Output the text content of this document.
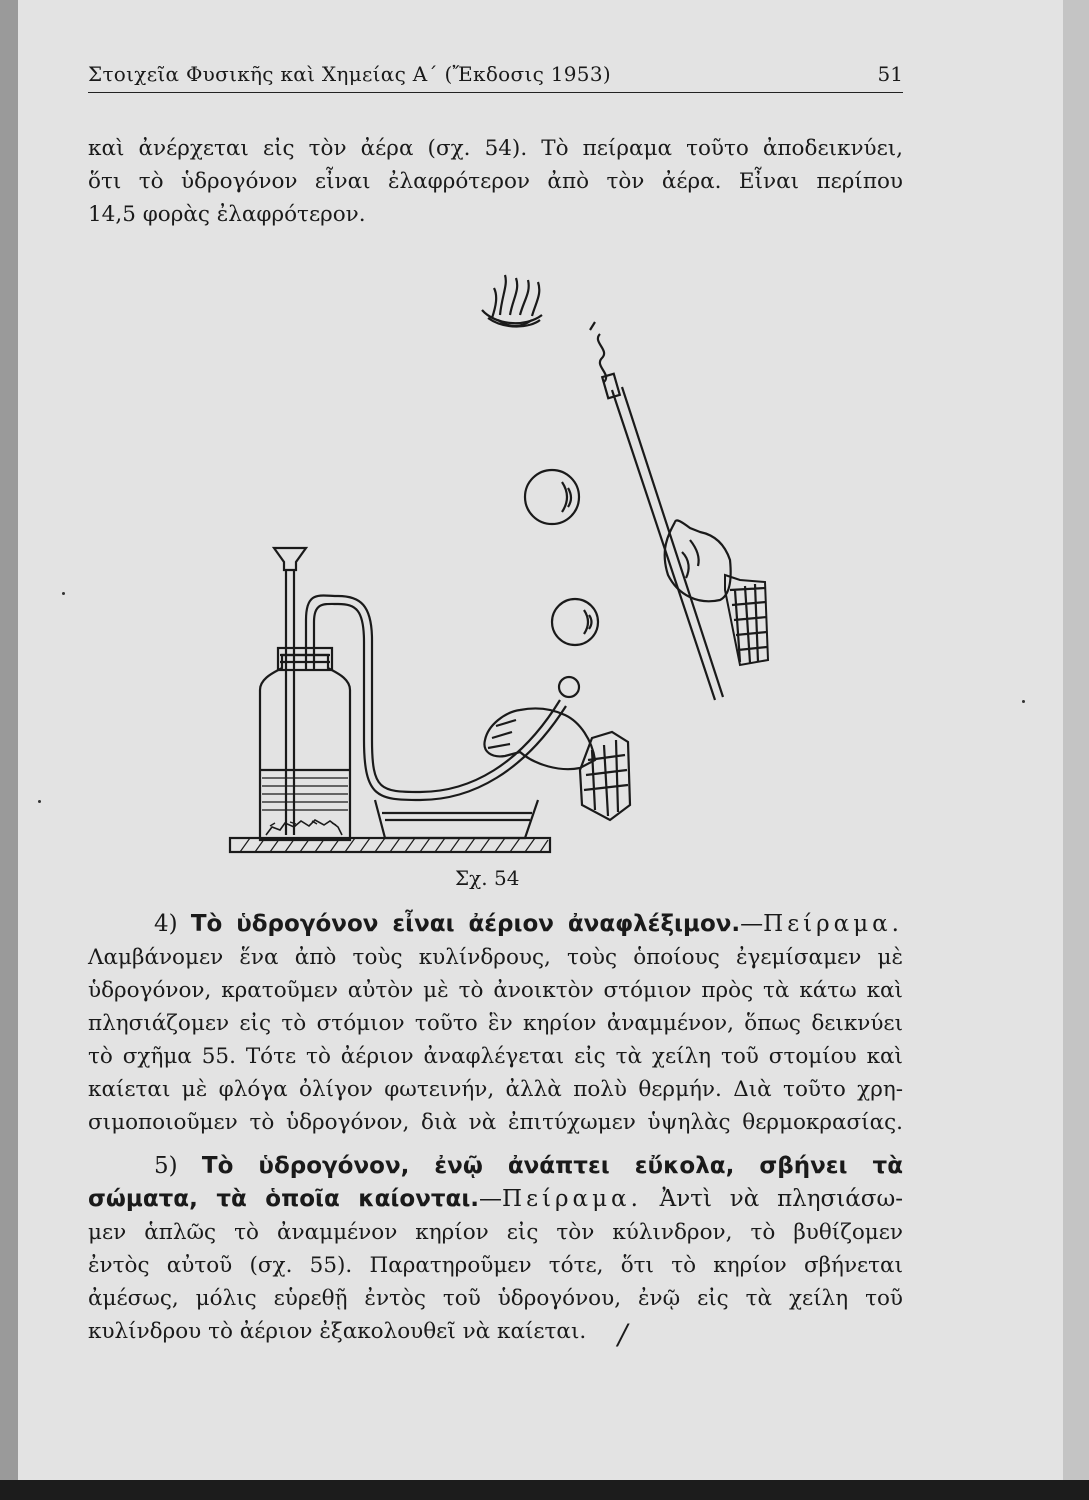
Στοιχεῖα Φυσικῆς καὶ Χημείας Α΄ (Ἔκδοσις 1953)	51
καὶ ἀνέρχεται εἰς τὸν ἀέρα (σχ. 54). Τὸ πείραμα τοῦτο ἀποδεικνύει,
ὅτι τὸ ὑδρογόνον εἶναι ἐλαφρότερον ἀπὸ τὸν ἀέρα. Εἶναι περίπου
14,5 φορὰς ἐλαφρότερον.
Σχ. 54
4) Τὸ ὑδρογόνον εἶναι ἀέριον ἀναφλέξιμον.—Πείραμα.
Λαμβάνομεν ἕνα ἀπὸ τοὺς κυλίνδρους, τοὺς ὁποίους ἐγεμίσαμεν μὲ
ὑδρογόνον, κρατοῦμεν αὐτὸν μὲ τὸ ἀνοικτὸν στόμιον πρὸς τὰ κάτω καὶ
πλησιάζομεν εἰς τὸ στόμιον τοῦτο ἓν κηρίον ἀναμμένον, ὅπως δεικνύει
τὸ σχῆμα 55. Τότε τὸ ἀέριον ἀναφλέγεται εἰς τὰ χείλη τοῦ στομίου καὶ
καίεται μὲ φλόγα ὀλίγον φωτεινήν, ἀλλὰ πολὺ θερμήν. Διὰ τοῦτο χρη-
σιμοποιοῦμεν τὸ ὑδρογόνον, διὰ νὰ ἐπιτύχωμεν ὑψηλὰς θερμοκρασίας.
5) Τὸ ὑδρογόνον, ἐνῷ ἀνάπτει εὔκολα, σβήνει τὰ
σώματα, τὰ ὁποῖα καίονται.—Πείραμα. Ἀντὶ νὰ πλησιάσω-
μεν ἁπλῶς τὸ ἀναμμένον κηρίον εἰς τὸν κύλινδρον, τὸ βυθίζομεν
ἐντὸς αὐτοῦ (σχ. 55). Παρατηροῦμεν τότε, ὅτι τὸ κηρίον σβήνεται
ἀμέσως, μόλις εὑρεθῇ ἐντὸς τοῦ ὑδρογόνου, ἐνῷ εἰς τὰ χείλη τοῦ
κυλίνδρου τὸ ἀέριον ἐξακολουθεῖ νὰ καίεται.	/
